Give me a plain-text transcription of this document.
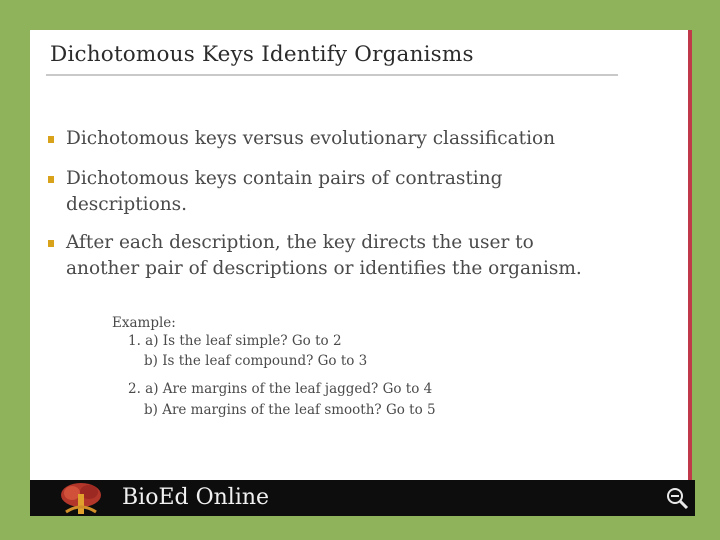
Dichotomous Keys Identify Organisms
Dichotomous keys versus evolutionary classification
Dichotomous keys contain pairs of contrasting
descriptions.
After each description, the key directs the user to
another pair of descriptions or identifies the organism.
Example:
1. a) Is the leaf simple? Go to 2
b) Is the leaf compound? Go to 3
2. a) Are margins of the leaf jagged? Go to 4
b) Are margins of the leaf smooth? Go to 5
BioEd Online
